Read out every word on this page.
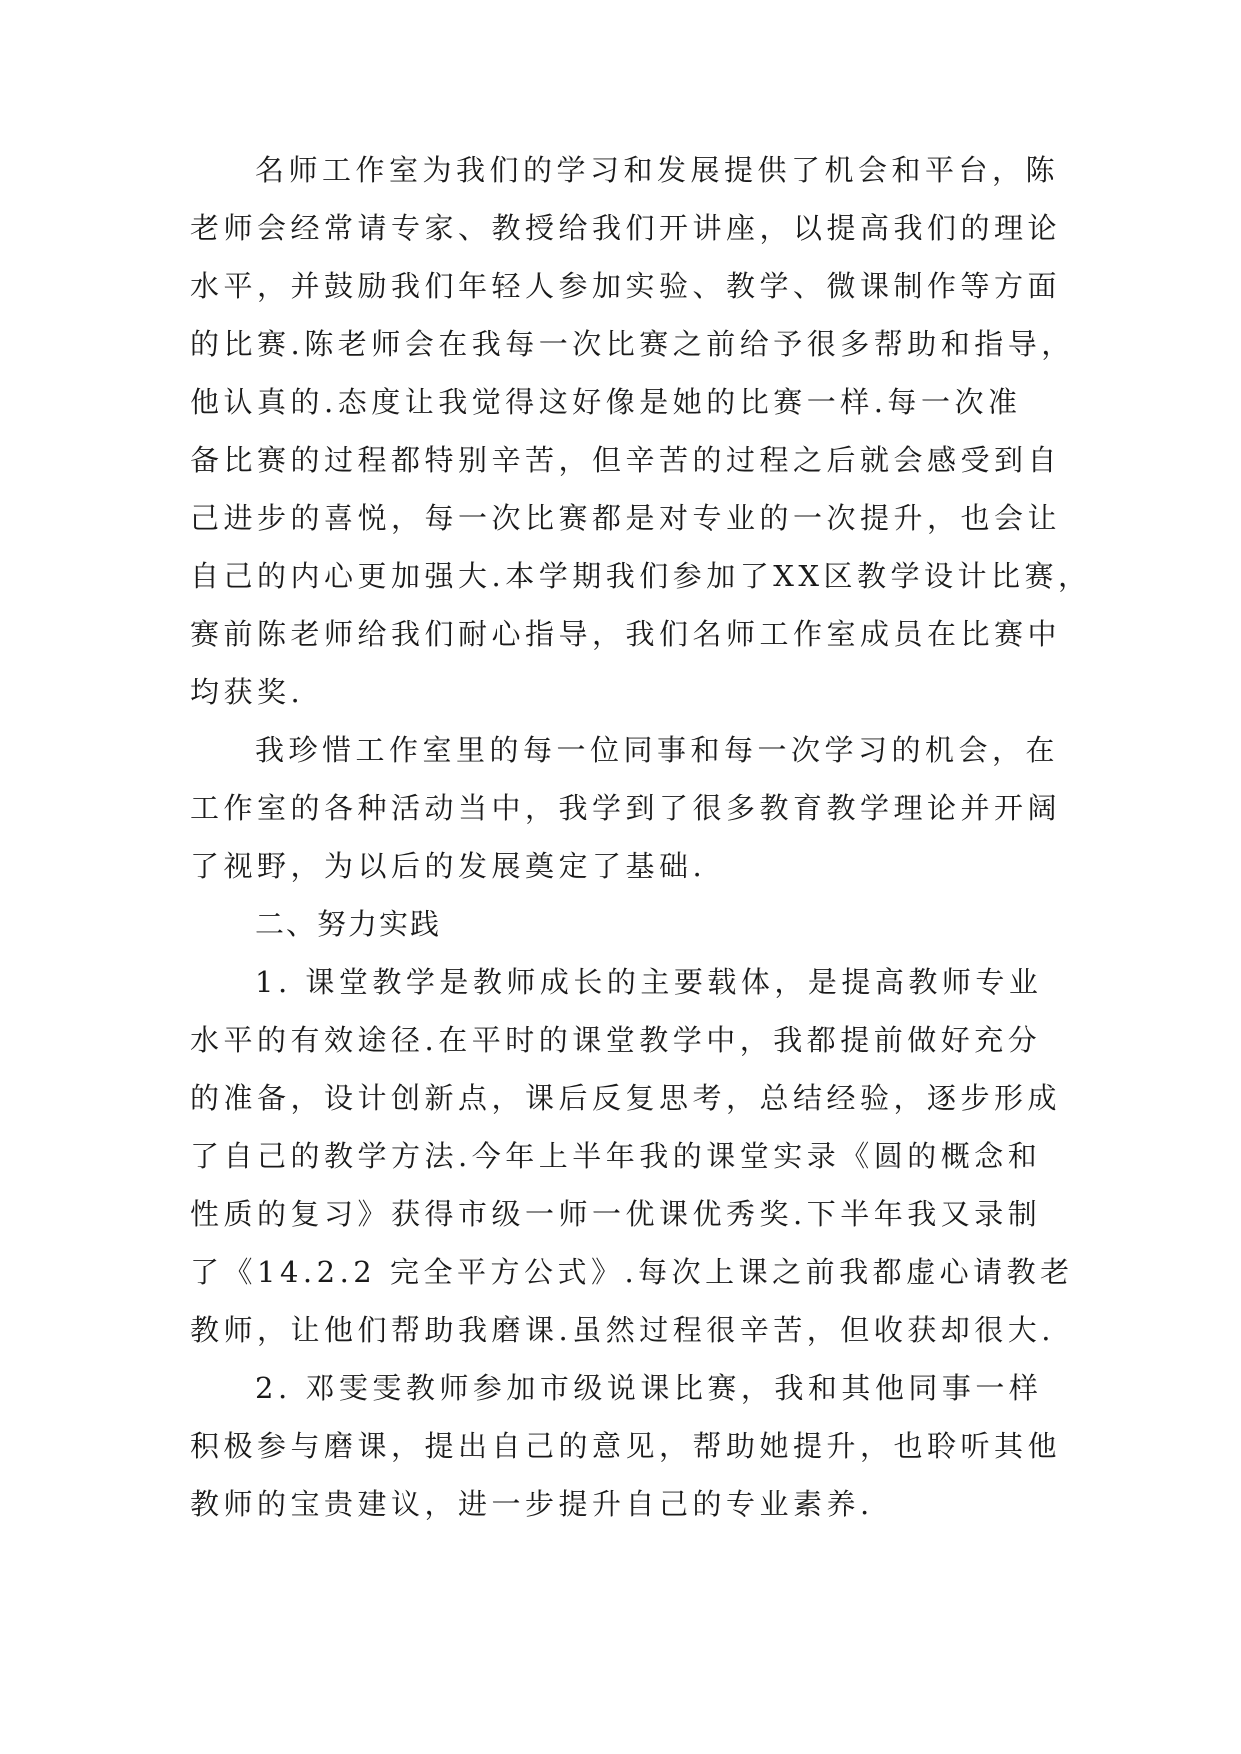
名师工作室为我们的学习和发展提供了机会和平台，陈

老师会经常请专家、教授给我们开讲座，以提高我们的理论

水平，并鼓励我们年轻人参加实验、教学、微课制作等方面

的比赛.陈老师会在我每一次比赛之前给予很多帮助和指导，

他认真的.态度让我觉得这好像是她的比赛一样.每一次准

备比赛的过程都特别辛苦，但辛苦的过程之后就会感受到自

己进步的喜悦，每一次比赛都是对专业的一次提升，也会让

自己的内心更加强大.本学期我们参加了XX区教学设计比赛，

赛前陈老师给我们耐心指导，我们名师工作室成员在比赛中

均获奖.

我珍惜工作室里的每一位同事和每一次学习的机会，在

工作室的各种活动当中，我学到了很多教育教学理论并开阔

了视野，为以后的发展奠定了基础.

二、努力实践

1. 课堂教学是教师成长的主要载体，是提高教师专业

水平的有效途径.在平时的课堂教学中，我都提前做好充分

的准备，设计创新点，课后反复思考，总结经验，逐步形成

了自己的教学方法.今年上半年我的课堂实录《圆的概念和

性质的复习》获得市级一师一优课优秀奖.下半年我又录制

了《14.2.2 完全平方公式》.每次上课之前我都虚心请教老

教师，让他们帮助我磨课.虽然过程很辛苦，但收获却很大.

2. 邓雯雯教师参加市级说课比赛，我和其他同事一样

积极参与磨课，提出自己的意见，帮助她提升，也聆听其他

教师的宝贵建议，进一步提升自己的专业素养.
